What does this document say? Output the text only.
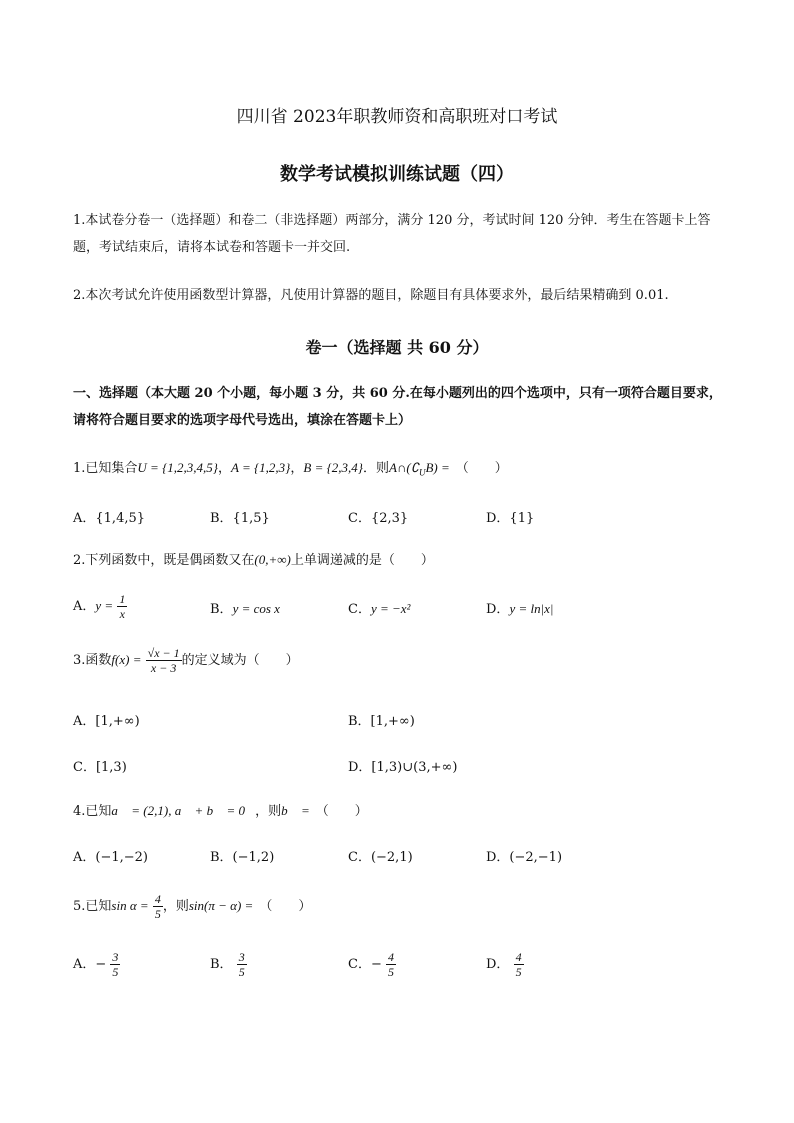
四川省 2023年职教师资和高职班对口考试
数学考试模拟训练试题（四）
1.本试卷分卷一（选择题）和卷二（非选择题）两部分，满分 120 分，考试时间 120 分钟．考生在答题卡上答题，考试结束后，请将本试卷和答题卡一并交回.
2.本次考试允许使用函数型计算器，凡使用计算器的题目，除题目有具体要求外，最后结果精确到 0.01.
卷一（选择题 共 60 分）
一、选择题（本大题 20 个小题，每小题 3 分，共 60 分.在每小题列出的四个选项中，只有一项符合题目要求，请将符合题目要求的选项字母代号选出，填涂在答题卡上）
1.已知集合U = {1,2,3,4,5}，A = {1,2,3}，B = {2,3,4}．则$A\cap(∁_UB)$ = （　　）
A．{1,4,5}	B．{1,5}	C．{2,3}	D．{1}
2.下列函数中，既是偶函数又在(0,+∞)上单调递减的是（　　）
A．$y = \frac{1}{x}$	B．y = cos x	C．y = −x²	D．y = ln|x|
3.函数$f(x) = \frac{√x - 1}{x - 3}$ 的定义域为（　　）
A．[1,+∞)	B．[1,+∞)
C．[1,3)	D．[1,3)∪(3,+∞)
4.已知a⃗ = (2,1), a⃗ + b⃗ = 0⃗，则b⃗ = （　　）
A．(−1,−2)	B．(−1,2)	C．(−2,1)	D．(−2,−1)
5.已知$\sin \alpha = \frac{4}{5}$ ，则sin(π − α) = （　　）
A．− $\frac{3}{5}$	B． $\frac{3}{5}$	C．− $\frac{4}{5}$	D． $\frac{4}{5}$
